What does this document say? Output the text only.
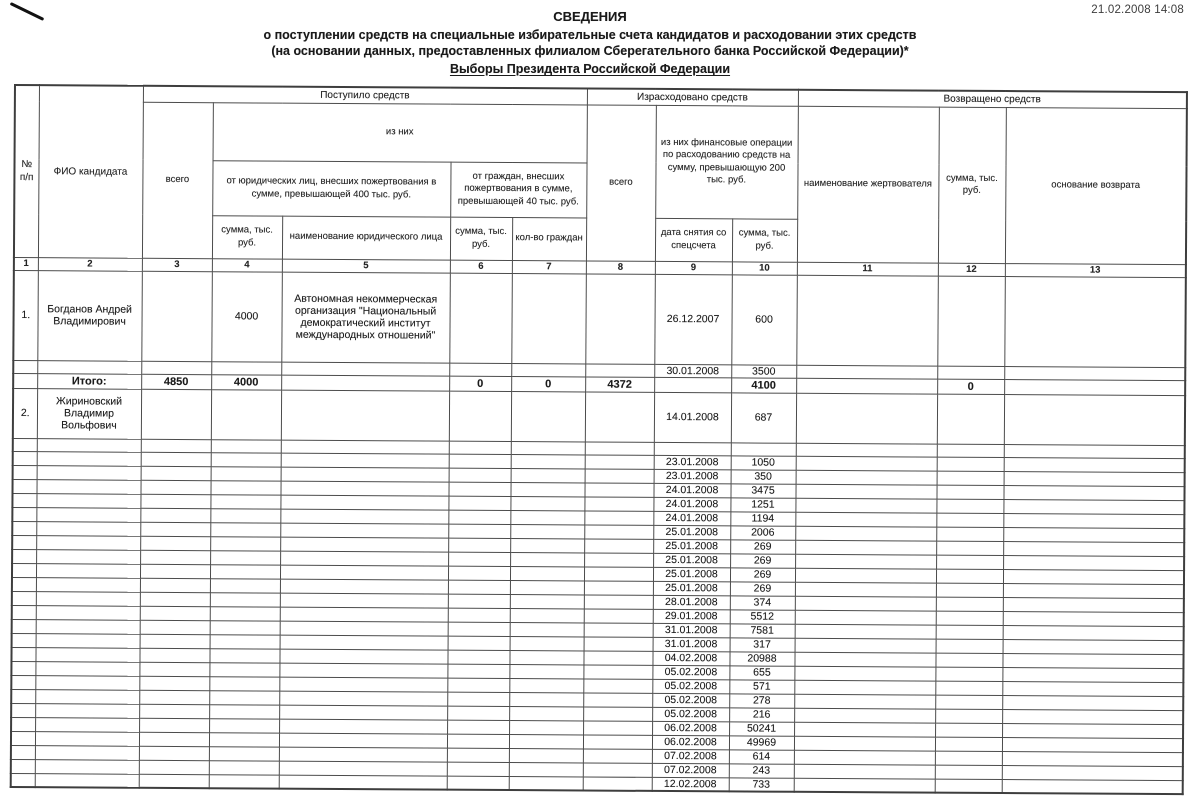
21.02.2008 14:08
СВЕДЕНИЯ
о поступлении средств на специальные избирательные счета кандидатов и расходовании этих средств
(на основании данных, предоставленных филиалом Сберегательного банка Российской Федерации)*
Выборы Президента Российской Федерации
№ п/п	ФИО кандидата	Поступило средств					Израсходовано средств			Возвращено средств		
		всего	из них				всего	из них финансовые операции по расходованию средств на сумму, превышающую 200 тыс. руб.		наименование жертвователя	сумма, тыс. руб.	основание возврата
			от юридических лиц, внесших пожертвования в сумме, превышающей 400 тыс. руб.		от граждан, внесших пожертвования в сумме, превышающей 40 тыс. руб.							
			сумма, тыс. руб.	наименование юридического лица	сумма, тыс. руб.	кол-во граждан		дата снятия со спецсчета	сумма, тыс. руб.			
1	2	3	4	5	6	7	8	9	10	11	12	13
1.	Богданов Андрей Владимирович		4000	Автономная некоммерческая организация "Национальный демократический институт международных отношений"				26.12.2007	600			
								30.01.2008	3500			
	Итого:	4850	4000		0	0	4372		4100		0	
2.	Жириновский Владимир Вольфович							14.01.2008	687			

								23.01.2008	1050			
								23.01.2008	350			
								24.01.2008	3475			
								24.01.2008	1251			
								24.01.2008	1194			
								25.01.2008	2006			
								25.01.2008	269			
								25.01.2008	269			
								25.01.2008	269			
								25.01.2008	269			
								28.01.2008	374			
								29.01.2008	5512			
								31.01.2008	7581			
								31.01.2008	317			
								04.02.2008	20988			
								05.02.2008	655			
								05.02.2008	571			
								05.02.2008	278			
								05.02.2008	216			
								06.02.2008	50241			
								06.02.2008	49969			
								07.02.2008	614			
								07.02.2008	243			
								12.02.2008	733			
